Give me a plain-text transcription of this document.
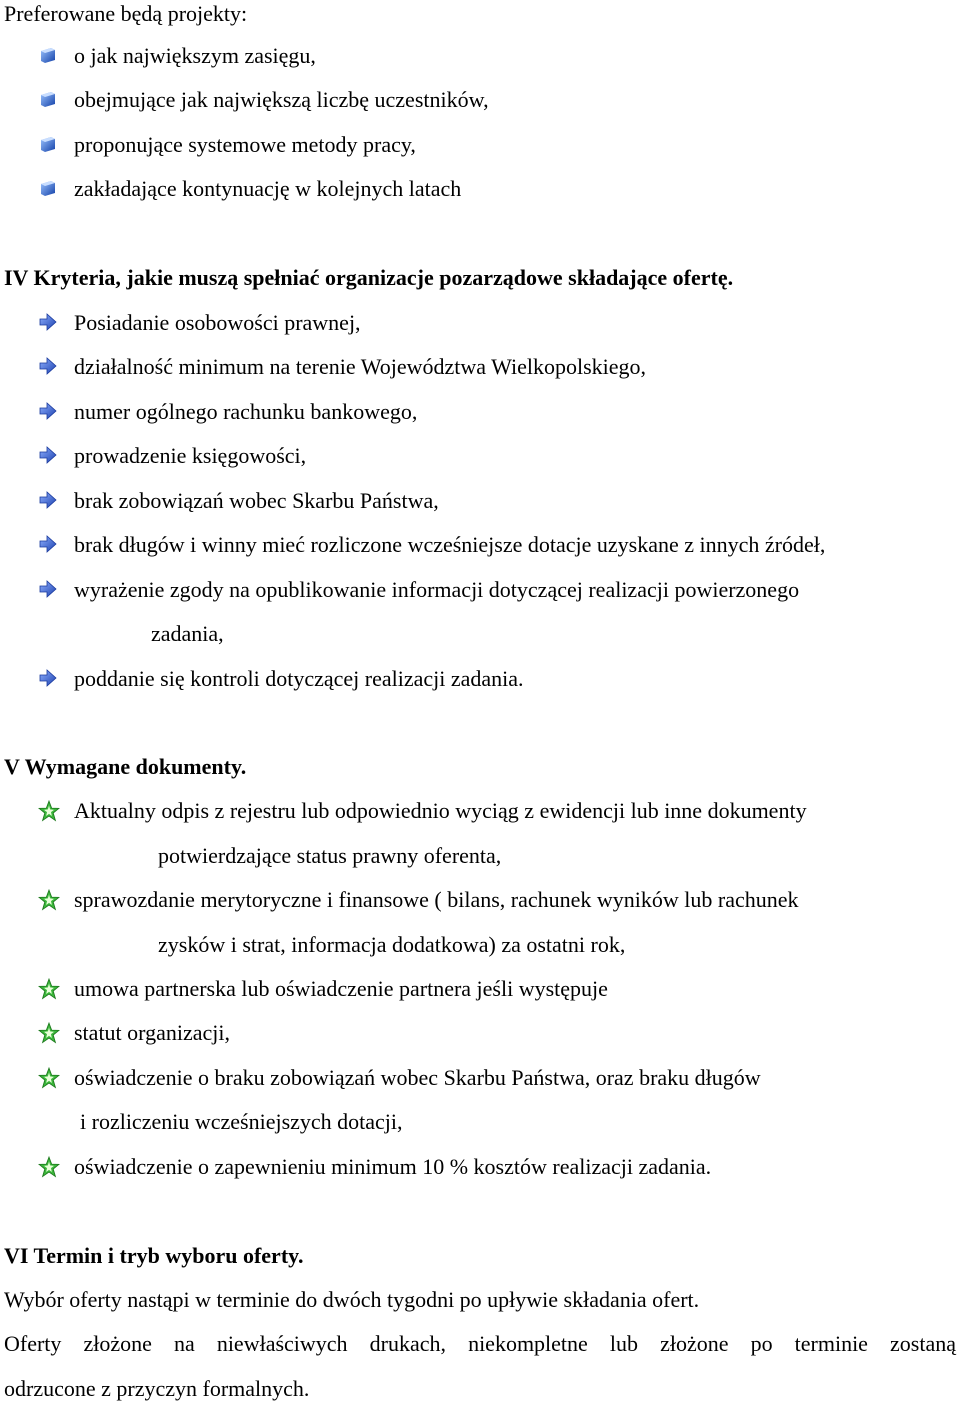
Preferowane będą projekty:
o jak największym zasięgu,
obejmujące jak największą liczbę uczestników,
proponujące systemowe metody pracy,
zakładające kontynuację w kolejnych latach
IV Kryteria, jakie muszą spełniać organizacje pozarządowe składające ofertę.
Posiadanie osobowości prawnej,
działalność minimum na terenie Województwa Wielkopolskiego,
numer ogólnego rachunku bankowego,
prowadzenie księgowości,
brak zobowiązań wobec Skarbu Państwa,
brak długów i winny mieć rozliczone wcześniejsze dotacje uzyskane z innych źródeł,
wyrażenie zgody na opublikowanie informacji dotyczącej realizacji powierzonego
zadania,
poddanie się kontroli dotyczącej realizacji zadania.
V Wymagane dokumenty.
Aktualny odpis z rejestru lub odpowiednio wyciąg z ewidencji lub inne dokumenty
potwierdzające status prawny oferenta,
sprawozdanie merytoryczne i finansowe ( bilans, rachunek wyników lub rachunek
zysków i strat, informacja dodatkowa) za ostatni rok,
umowa partnerska lub oświadczenie partnera jeśli występuje
statut organizacji,
oświadczenie o braku zobowiązań wobec Skarbu Państwa, oraz braku długów
i rozliczeniu wcześniejszych dotacji,
oświadczenie o zapewnieniu minimum 10 % kosztów realizacji zadania.
VI Termin i tryb wyboru oferty.
Wybór oferty nastąpi w terminie do dwóch tygodni po upływie składania ofert.
Oferty złożone na niewłaściwych drukach, niekompletne lub złożone po terminie zostaną
odrzucone z przyczyn formalnych.
